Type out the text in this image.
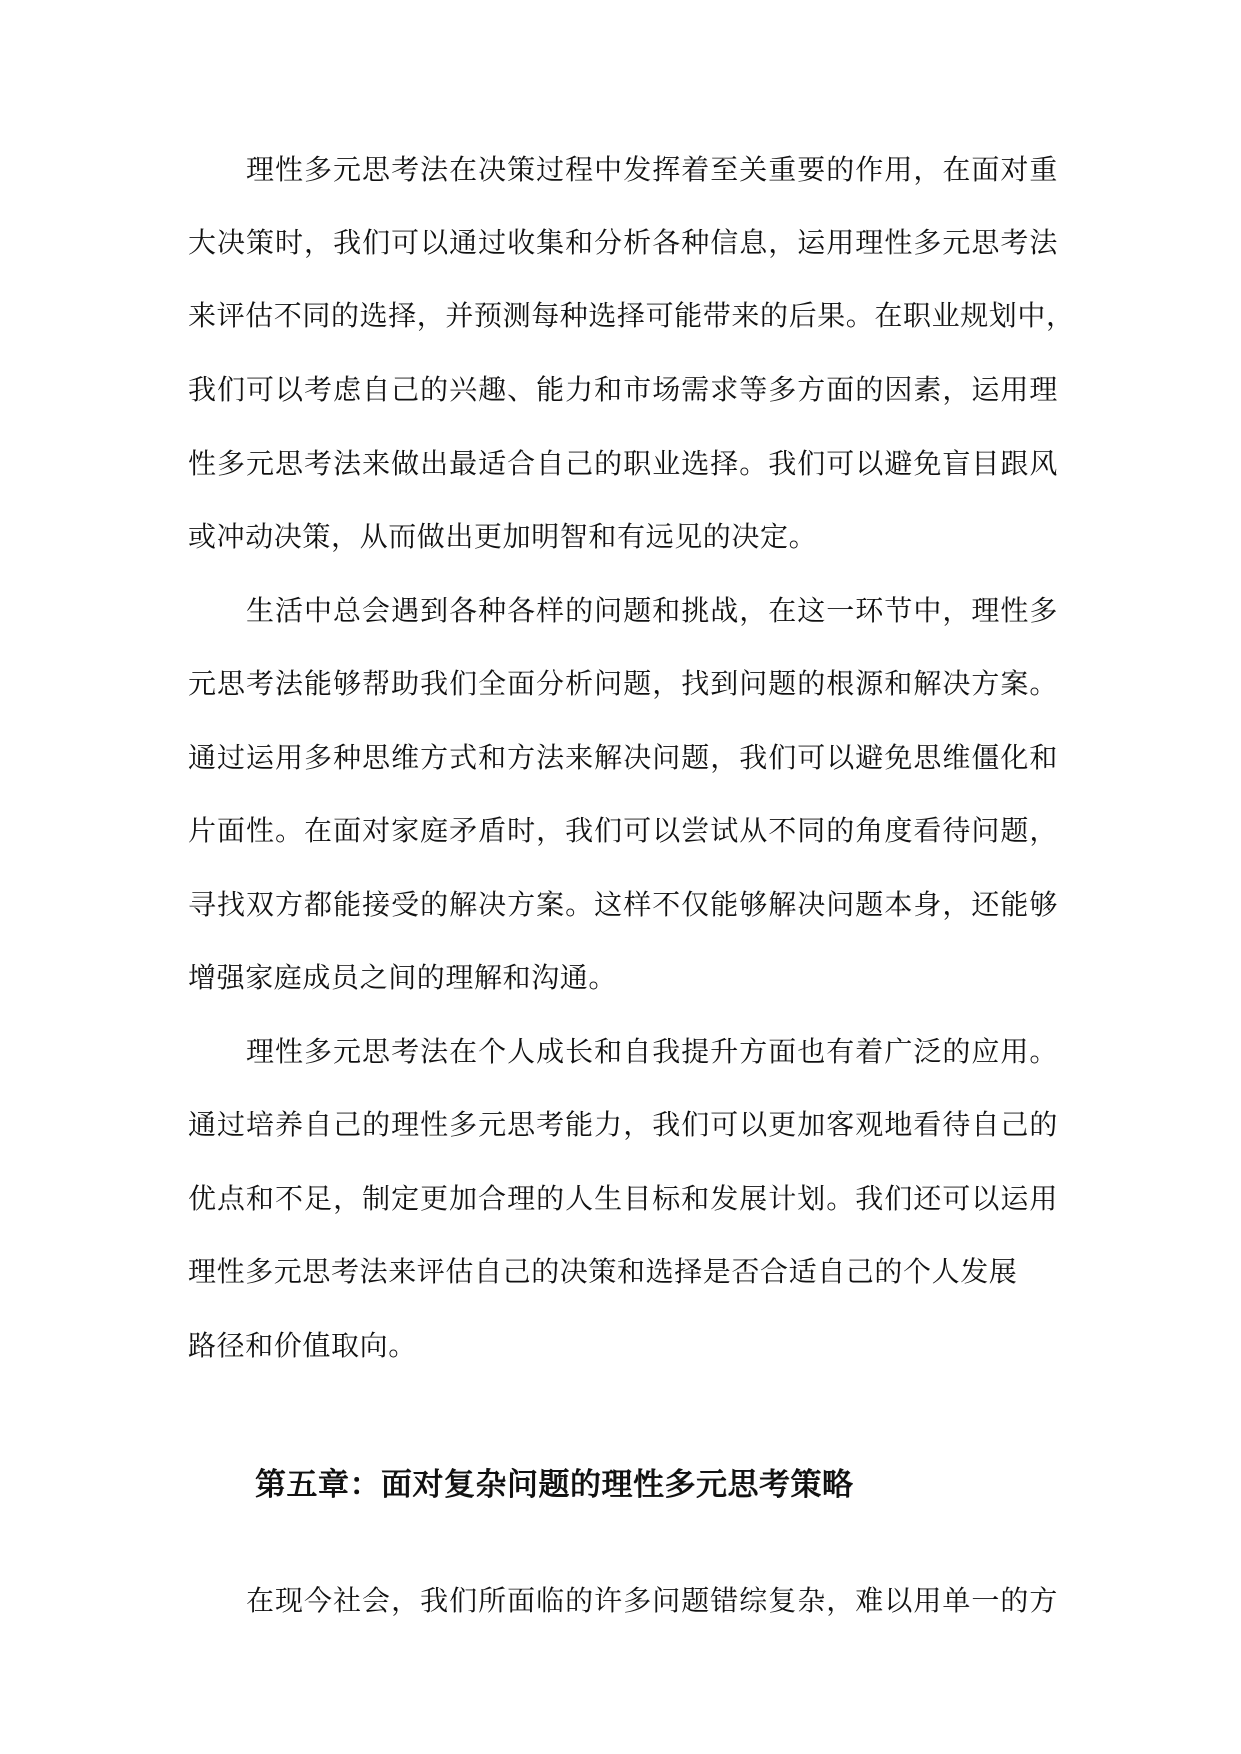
理性多元思考法在决策过程中发挥着至关重要的作用，在面对重
大决策时，我们可以通过收集和分析各种信息，运用理性多元思考法
来评估不同的选择，并预测每种选择可能带来的后果。在职业规划中，
我们可以考虑自己的兴趣、能力和市场需求等多方面的因素，运用理
性多元思考法来做出最适合自己的职业选择。我们可以避免盲目跟风
或冲动决策，从而做出更加明智和有远见的决定。
生活中总会遇到各种各样的问题和挑战，在这一环节中，理性多
元思考法能够帮助我们全面分析问题，找到问题的根源和解决方案。
通过运用多种思维方式和方法来解决问题，我们可以避免思维僵化和
片面性。在面对家庭矛盾时，我们可以尝试从不同的角度看待问题，
寻找双方都能接受的解决方案。这样不仅能够解决问题本身，还能够
增强家庭成员之间的理解和沟通。
理性多元思考法在个人成长和自我提升方面也有着广泛的应用。
通过培养自己的理性多元思考能力，我们可以更加客观地看待自己的
优点和不足，制定更加合理的人生目标和发展计划。我们还可以运用
理性多元思考法来评估自己的决策和选择是否合适自己的个人发展
路径和价值取向。
第五章：面对复杂问题的理性多元思考策略
在现今社会，我们所面临的许多问题错综复杂，难以用单一的方
